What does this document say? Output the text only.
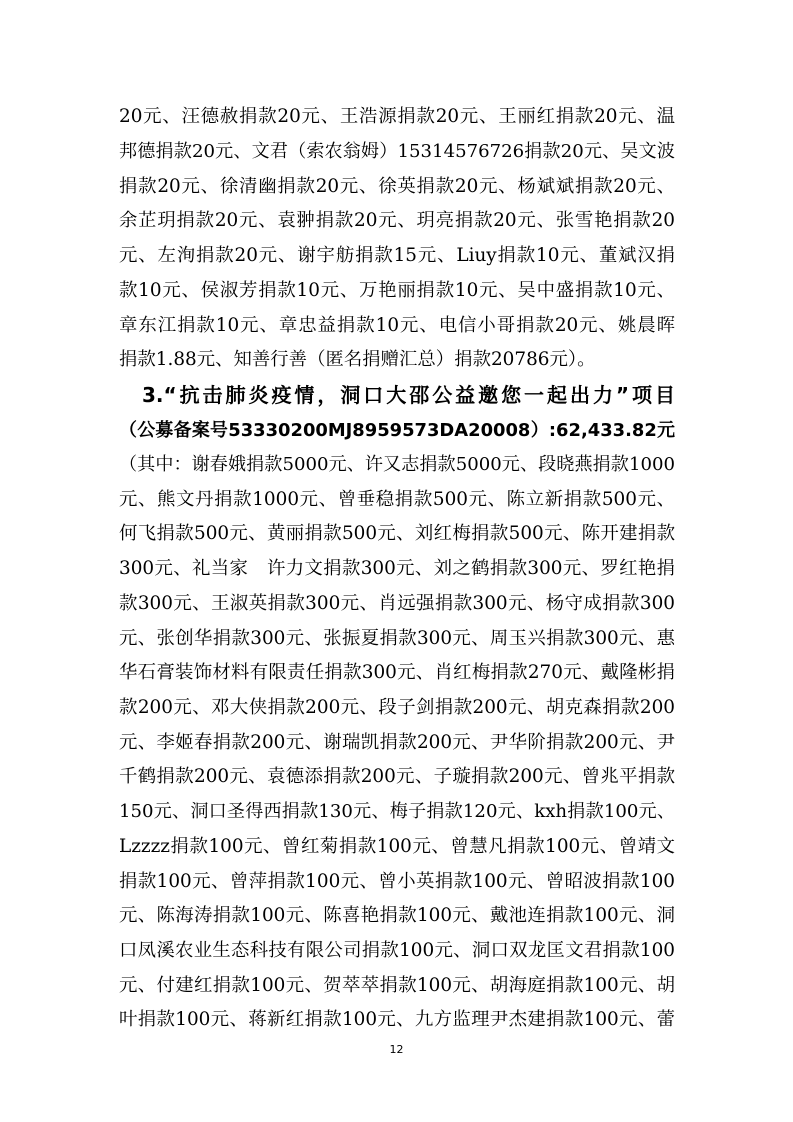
20元、汪德赦捐款20元、王浩源捐款20元、王丽红捐款20元、温
邦德捐款20元、文君（索农翁姆）15314576726捐款20元、吴文波
捐款20元、徐清幽捐款20元、徐英捐款20元、杨斌斌捐款20元、
余芷玥捐款20元、袁翀捐款20元、玥亮捐款20元、张雪艳捐款20
元、左洵捐款20元、谢宇舫捐款15元、Liuy捐款10元、董斌汉捐
款10元、侯淑芳捐款10元、万艳丽捐款10元、吴中盛捐款10元、
章东江捐款10元、章忠益捐款10元、电信小哥捐款20元、姚晨晖
捐款1.88元、知善行善（匿名捐赠汇总）捐款20786元）。
　3.“抗击肺炎疫情，洞口大邵公益邀您一起出力”项目
（公募备案号53330200MJ8959573DA20008）:62,433.82元
（其中：谢春娥捐款5000元、许又志捐款5000元、段晓燕捐款1000
元、熊文丹捐款1000元、曾垂稳捐款500元、陈立新捐款500元、
何飞捐款500元、黄丽捐款500元、刘红梅捐款500元、陈开建捐款
300元、礼当家　许力文捐款300元、刘之鹤捐款300元、罗红艳捐
款300元、王淑英捐款300元、肖远强捐款300元、杨守成捐款300
元、张创华捐款300元、张振夏捐款300元、周玉兴捐款300元、惠
华石膏装饰材料有限责任捐款300元、肖红梅捐款270元、戴隆彬捐
款200元、邓大侠捐款200元、段子剑捐款200元、胡克森捐款200
元、李姬春捐款200元、谢瑞凯捐款200元、尹华阶捐款200元、尹
千鹤捐款200元、袁德添捐款200元、子璇捐款200元、曾兆平捐款
150元、洞口圣得西捐款130元、梅子捐款120元、kxh捐款100元、
Lzzzz捐款100元、曾红菊捐款100元、曾慧凡捐款100元、曾靖文
捐款100元、曾萍捐款100元、曾小英捐款100元、曾昭波捐款100
元、陈海涛捐款100元、陈喜艳捐款100元、戴池连捐款100元、洞
口凤溪农业生态科技有限公司捐款100元、洞口双龙匡文君捐款100
元、付建红捐款100元、贺萃萃捐款100元、胡海庭捐款100元、胡
叶捐款100元、蒋新红捐款100元、九方监理尹杰建捐款100元、蕾
12
